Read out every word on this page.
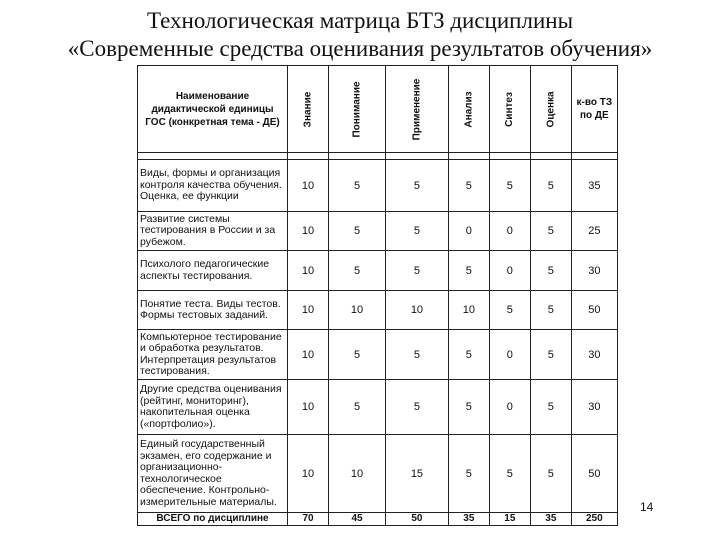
Технологическая матрица БТЗ дисциплины
«Современные средства оценивания результатов обучения»
Наименование дидактической единицы ГОС (конкретная тема - ДЕ)	Знание	Понимание	Применение	Анализ	Синтез	Оценка	к-во ТЗ по ДЕ

Виды, формы и организация контроля качества обучения. Оценка, ее функции	10	5	5	5	5	5	35
Развитие системы тестирования в России и за рубежом.	10	5	5	0	0	5	25
Психолого педагогические аспекты тестирования.	10	5	5	5	0	5	30
Понятие теста. Виды тестов. Формы тестовых заданий.	10	10	10	10	5	5	50
Компьютерное тестирование и обработка результатов. Интерпретация результатов тестирования.	10	5	5	5	0	5	30
Другие средства оценивания (рейтинг, мониторинг), накопительная оценка («портфолио»).	10	5	5	5	0	5	30
Единый государственный экзамен, его содержание и организационно-технологическое обеспечение. Контрольно-измерительные материалы.	10	10	15	5	5	5	50
ВСЕГО по дисциплине	70	45	50	35	15	35	250
14
